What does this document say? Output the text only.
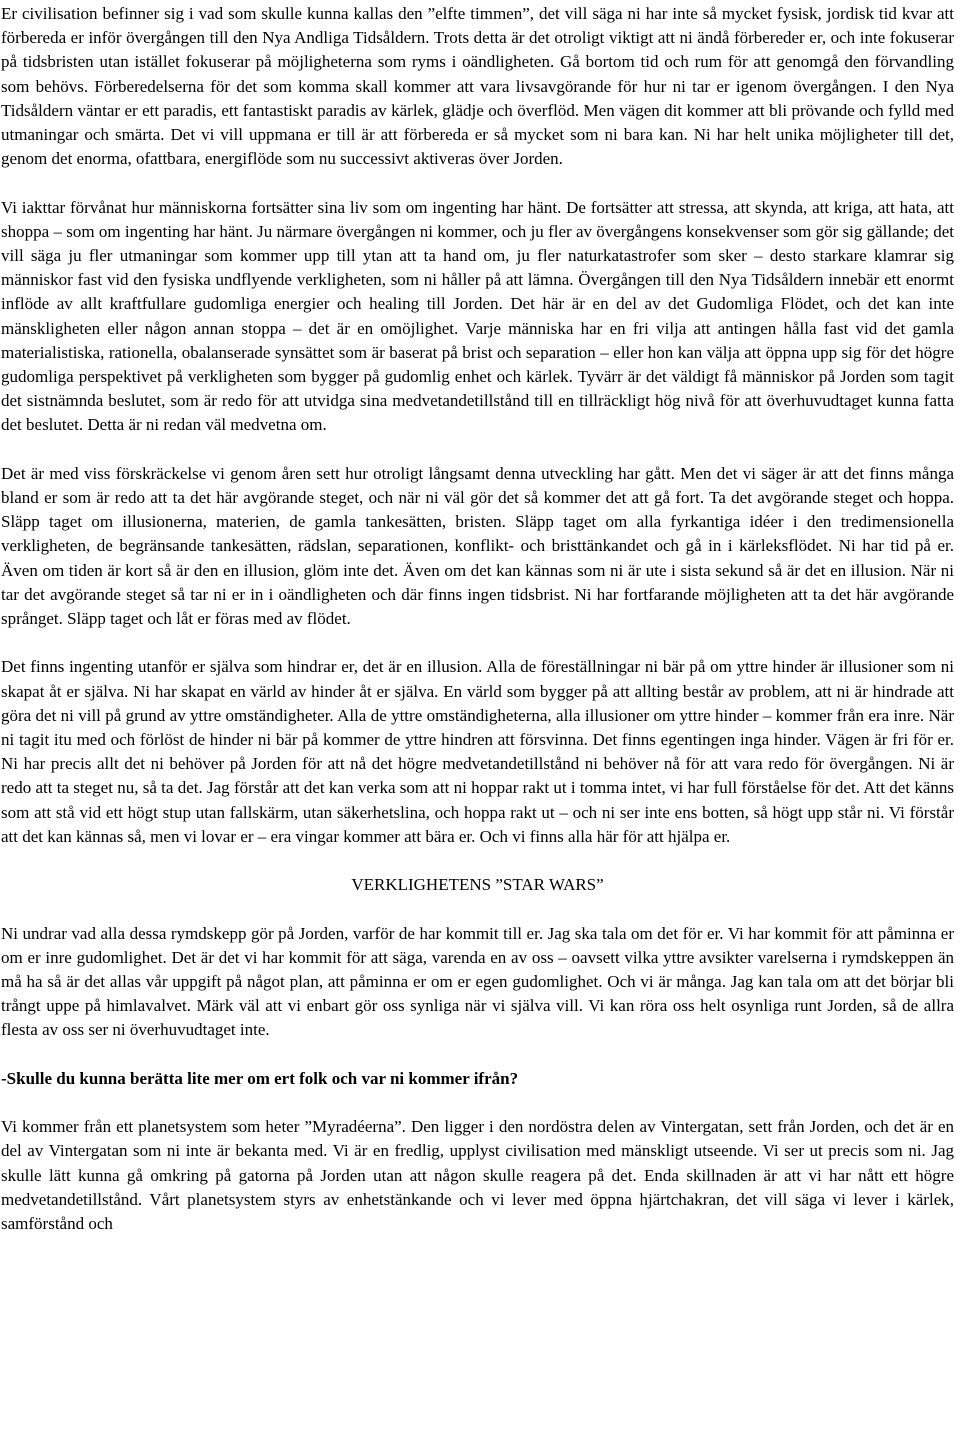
Er civilisation befinner sig i vad som skulle kunna kallas den ”elfte timmen”, det vill säga ni har inte så mycket fysisk, jordisk tid kvar att förbereda er inför övergången till den Nya Andliga Tidsåldern. Trots detta är det otroligt viktigt att ni ändå förbereder er, och inte fokuserar på tidsbristen utan istället fokuserar på möjligheterna som ryms i oändligheten. Gå bortom tid och rum för att genomgå den förvandling som behövs. Förberedelserna för det som komma skall kommer att vara livsavgörande för hur ni tar er igenom övergången. I den Nya Tidsåldern väntar er ett paradis, ett fantastiskt paradis av kärlek, glädje och överflöd. Men vägen dit kommer att bli prövande och fylld med utmaningar och smärta. Det vi vill uppmana er till är att förbereda er så mycket som ni bara kan. Ni har helt unika möjligheter till det, genom det enorma, ofattbara, energiflöde som nu successivt aktiveras över Jorden.

Vi iakttar förvånat hur människorna fortsätter sina liv som om ingenting har hänt. De fortsätter att stressa, att skynda, att kriga, att hata, att shoppa – som om ingenting har hänt. Ju närmare övergången ni kommer, och ju fler av övergångens konsekvenser som gör sig gällande; det vill säga ju fler utmaningar som kommer upp till ytan att ta hand om, ju fler naturkatastrofer som sker – desto starkare klamrar sig människor fast vid den fysiska undflyende verkligheten, som ni håller på att lämna. Övergången till den Nya Tidsåldern innebär ett enormt inflöde av allt kraftfullare gudomliga energier och healing till Jorden. Det här är en del av det Gudomliga Flödet, och det kan inte mänskligheten eller någon annan stoppa – det är en omöjlighet. Varje människa har en fri vilja att antingen hålla fast vid det gamla materialistiska, rationella, obalanserade synsättet som är baserat på brist och separation – eller hon kan välja att öppna upp sig för det högre gudomliga perspektivet på verkligheten som bygger på gudomlig enhet och kärlek. Tyvärr är det väldigt få människor på Jorden som tagit det sistnämnda beslutet, som är redo för att utvidga sina medvetandetillstånd till en tillräckligt hög nivå för att överhuvudtaget kunna fatta det beslutet. Detta är ni redan väl medvetna om.

Det är med viss förskräckelse vi genom åren sett hur otroligt långsamt denna utveckling har gått. Men det vi säger är att det finns många bland er som är redo att ta det här avgörande steget, och när ni väl gör det så kommer det att gå fort. Ta det avgörande steget och hoppa. Släpp taget om illusionerna, materien, de gamla tankesätten, bristen. Släpp taget om alla fyrkantiga idéer i den tredimensionella verkligheten, de begränsande tankesätten, rädslan, separationen, konflikt- och bristtänkandet och gå in i kärleksflödet. Ni har tid på er. Även om tiden är kort så är den en illusion, glöm inte det. Även om det kan kännas som ni är ute i sista sekund så är det en illusion. När ni tar det avgörande steget så tar ni er in i oändligheten och där finns ingen tidsbrist. Ni har fortfarande möjligheten att ta det här avgörande språnget. Släpp taget och låt er föras med av flödet.

Det finns ingenting utanför er själva som hindrar er, det är en illusion. Alla de föreställningar ni bär på om yttre hinder är illusioner som ni skapat åt er själva. Ni har skapat en värld av hinder åt er själva. En värld som bygger på att allting består av problem, att ni är hindrade att göra det ni vill på grund av yttre omständigheter. Alla de yttre omständigheterna, alla illusioner om yttre hinder – kommer från era inre. När ni tagit itu med och förlöst de hinder ni bär på kommer de yttre hindren att försvinna. Det finns egentingen inga hinder. Vägen är fri för er. Ni har precis allt det ni behöver på Jorden för att nå det högre medvetandetillstånd ni behöver nå för att vara redo för övergången. Ni är redo att ta steget nu, så ta det. Jag förstår att det kan verka som att ni hoppar rakt ut i tomma intet, vi har full förståelse för det. Att det känns som att stå vid ett högt stup utan fallskärm, utan säkerhetslina, och hoppa rakt ut – och ni ser inte ens botten, så högt upp står ni. Vi förstår att det kan kännas så, men vi lovar er – era vingar kommer att bära er. Och vi finns alla här för att hjälpa er.

VERKLIGHETENS ”STAR WARS”

Ni undrar vad alla dessa rymdskepp gör på Jorden, varför de har kommit till er. Jag ska tala om det för er. Vi har kommit för att påminna er om er inre gudomlighet. Det är det vi har kommit för att säga, varenda en av oss – oavsett vilka yttre avsikter varelserna i rymdskeppen än må ha så är det allas vår uppgift på något plan, att påminna er om er egen gudomlighet. Och vi är många. Jag kan tala om att det börjar bli trångt uppe på himlavalvet. Märk väl att vi enbart gör oss synliga när vi själva vill. Vi kan röra oss helt osynliga runt Jorden, så de allra flesta av oss ser ni överhuvudtaget inte.

-Skulle du kunna berätta lite mer om ert folk och var ni kommer ifrån?

Vi kommer från ett planetsystem som heter ”Myradéerna”. Den ligger i den nordöstra delen av Vintergatan, sett från Jorden, och det är en del av Vintergatan som ni inte är bekanta med. Vi är en fredlig, upplyst civilisation med mänskligt utseende. Vi ser ut precis som ni. Jag skulle lätt kunna gå omkring på gatorna på Jorden utan att någon skulle reagera på det. Enda skillnaden är att vi har nått ett högre medvetandetillstånd. Vårt planetsystem styrs av enhetstänkande och vi lever med öppna hjärtchakran, det vill säga vi lever i kärlek, samförstånd och
